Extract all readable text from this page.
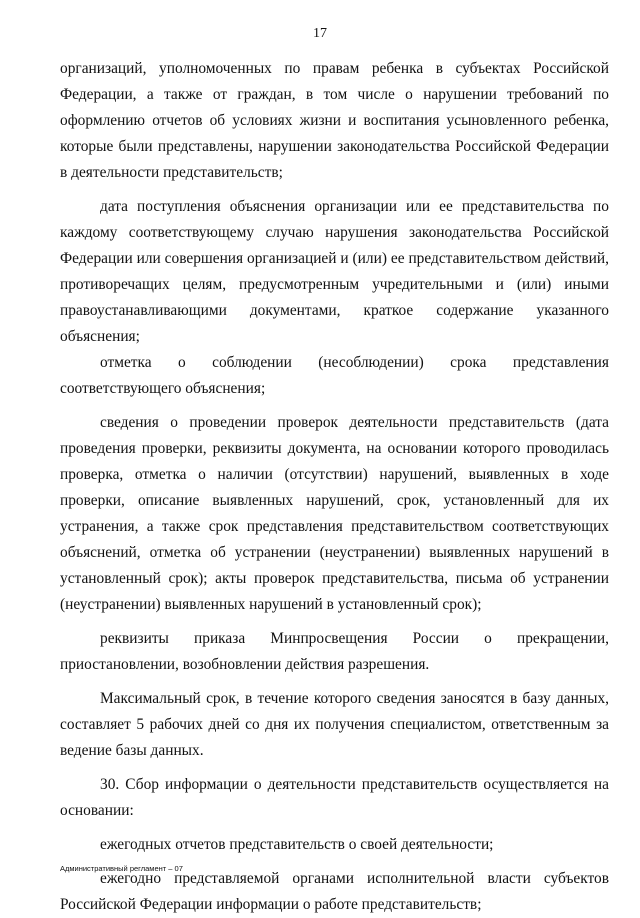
17

организаций, уполномоченных по правам ребенка в субъектах Российской Федерации, а также от граждан, в том числе о нарушении требований по оформлению отчетов об условиях жизни и воспитания усыновленного ребенка, которые были представлены, нарушении законодательства Российской Федерации в деятельности представительств;

дата поступления объяснения организации или ее представительства по каждому соответствующему случаю нарушения законодательства Российской Федерации или совершения организацией и (или) ее представительством действий, противоречащих целям, предусмотренным учредительными и (или) иными правоустанавливающими документами, краткое содержание указанного объяснения;

отметка о соблюдении (несоблюдении) срока представления соответствующего объяснения;

сведения о проведении проверок деятельности представительств (дата проведения проверки, реквизиты документа, на основании которого проводилась проверка, отметка о наличии (отсутствии) нарушений, выявленных в ходе проверки, описание выявленных нарушений, срок, установленный для их устранения, а также срок представления представительством соответствующих объяснений, отметка об устранении (неустранении) выявленных нарушений в установленный срок); акты проверок представительства, письма об устранении (неустранении) выявленных нарушений в установленный срок);

реквизиты приказа Минпросвещения России о прекращении, приостановлении, возобновлении действия разрешения.

Максимальный срок, в течение которого сведения заносятся в базу данных, составляет 5 рабочих дней со дня их получения специалистом, ответственным за ведение базы данных.

30. Сбор информации о деятельности представительств осуществляется на основании:

ежегодных отчетов представительств о своей деятельности;

ежегодно представляемой органами исполнительной власти субъектов Российской Федерации информации о работе представительств;

Административный регламент – 07
